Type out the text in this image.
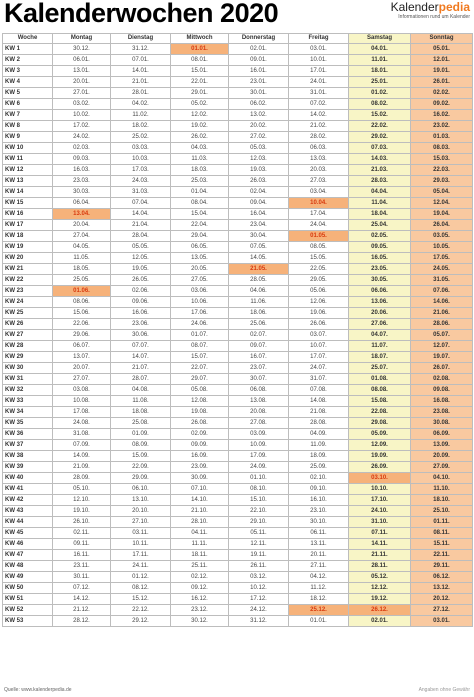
Kalenderwochen 2020	Kalenderpedia
Informationen rund um Kalender
Woche	Montag	Dienstag	Mittwoch	Donnerstag	Freitag	Samstag	Sonntag
KW 1	30.12.	31.12.	01.01.	02.01.	03.01.	04.01.	05.01.
KW 2	06.01.	07.01.	08.01.	09.01.	10.01.	11.01.	12.01.
KW 3	13.01.	14.01.	15.01.	16.01.	17.01.	18.01.	19.01.
KW 4	20.01.	21.01.	22.01.	23.01.	24.01.	25.01.	26.01.
KW 5	27.01.	28.01.	29.01.	30.01.	31.01.	01.02.	02.02.
KW 6	03.02.	04.02.	05.02.	06.02.	07.02.	08.02.	09.02.
KW 7	10.02.	11.02.	12.02.	13.02.	14.02.	15.02.	16.02.
KW 8	17.02.	18.02.	19.02.	20.02.	21.02.	22.02.	23.02.
KW 9	24.02.	25.02.	26.02.	27.02.	28.02.	29.02.	01.03.
KW 10	02.03.	03.03.	04.03.	05.03.	06.03.	07.03.	08.03.
KW 11	09.03.	10.03.	11.03.	12.03.	13.03.	14.03.	15.03.
KW 12	16.03.	17.03.	18.03.	19.03.	20.03.	21.03.	22.03.
KW 13	23.03.	24.03.	25.03.	26.03.	27.03.	28.03.	29.03.
KW 14	30.03.	31.03.	01.04.	02.04.	03.04.	04.04.	05.04.
KW 15	06.04.	07.04.	08.04.	09.04.	10.04.	11.04.	12.04.
KW 16	13.04.	14.04.	15.04.	16.04.	17.04.	18.04.	19.04.
KW 17	20.04.	21.04.	22.04.	23.04.	24.04.	25.04.	26.04.
KW 18	27.04.	28.04.	29.04.	30.04.	01.05.	02.05.	03.05.
KW 19	04.05.	05.05.	06.05.	07.05.	08.05.	09.05.	10.05.
KW 20	11.05.	12.05.	13.05.	14.05.	15.05.	16.05.	17.05.
KW 21	18.05.	19.05.	20.05.	21.05.	22.05.	23.05.	24.05.
KW 22	25.05.	26.05.	27.05.	28.05.	29.05.	30.05.	31.05.
KW 23	01.06.	02.06.	03.06.	04.06.	05.06.	06.06.	07.06.
KW 24	08.06.	09.06.	10.06.	11.06.	12.06.	13.06.	14.06.
KW 25	15.06.	16.06.	17.06.	18.06.	19.06.	20.06.	21.06.
KW 26	22.06.	23.06.	24.06.	25.06.	26.06.	27.06.	28.06.
KW 27	29.06.	30.06.	01.07.	02.07.	03.07.	04.07.	05.07.
KW 28	06.07.	07.07.	08.07.	09.07.	10.07.	11.07.	12.07.
KW 29	13.07.	14.07.	15.07.	16.07.	17.07.	18.07.	19.07.
KW 30	20.07.	21.07.	22.07.	23.07.	24.07.	25.07.	26.07.
KW 31	27.07.	28.07.	29.07.	30.07.	31.07.	01.08.	02.08.
KW 32	03.08.	04.08.	05.08.	06.08.	07.08.	08.08.	09.08.
KW 33	10.08.	11.08.	12.08.	13.08.	14.08.	15.08.	16.08.
KW 34	17.08.	18.08.	19.08.	20.08.	21.08.	22.08.	23.08.
KW 35	24.08.	25.08.	26.08.	27.08.	28.08.	29.08.	30.08.
KW 36	31.08.	01.09.	02.09.	03.09.	04.09.	05.09.	06.09.
KW 37	07.09.	08.09.	09.09.	10.09.	11.09.	12.09.	13.09.
KW 38	14.09.	15.09.	16.09.	17.09.	18.09.	19.09.	20.09.
KW 39	21.09.	22.09.	23.09.	24.09.	25.09.	26.09.	27.09.
KW 40	28.09.	29.09.	30.09.	01.10.	02.10.	03.10.	04.10.
KW 41	05.10.	06.10.	07.10.	08.10.	09.10.	10.10.	11.10.
KW 42	12.10.	13.10.	14.10.	15.10.	16.10.	17.10.	18.10.
KW 43	19.10.	20.10.	21.10.	22.10.	23.10.	24.10.	25.10.
KW 44	26.10.	27.10.	28.10.	29.10.	30.10.	31.10.	01.11.
KW 45	02.11.	03.11.	04.11.	05.11.	06.11.	07.11.	08.11.
KW 46	09.11.	10.11.	11.11.	12.11.	13.11.	14.11.	15.11.
KW 47	16.11.	17.11.	18.11.	19.11.	20.11.	21.11.	22.11.
KW 48	23.11.	24.11.	25.11.	26.11.	27.11.	28.11.	29.11.
KW 49	30.11.	01.12.	02.12.	03.12.	04.12.	05.12.	06.12.
KW 50	07.12.	08.12.	09.12.	10.12.	11.12.	12.12.	13.12.
KW 51	14.12.	15.12.	16.12.	17.12.	18.12.	19.12.	20.12.
KW 52	21.12.	22.12.	23.12.	24.12.	25.12.	26.12.	27.12.
KW 53	28.12.	29.12.	30.12.	31.12.	01.01.	02.01.	03.01.
Quelle: www.kalenderpedia.de	Angaben ohne Gewähr
